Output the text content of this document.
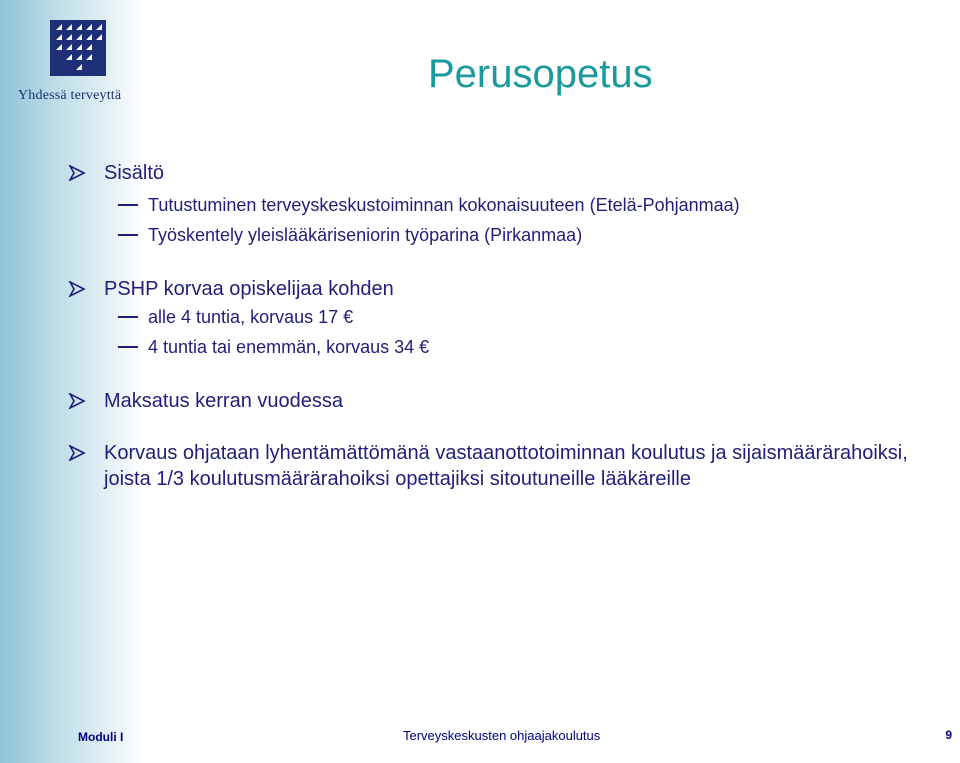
Yhdessä terveyttä	Perusopetus
Sisältö
Tutustuminen terveyskeskustoiminnan kokonaisuuteen (Etelä-Pohjanmaa)
Työskentely yleislääkäriseniorin työparina (Pirkanmaa)
PSHP korvaa opiskelijaa kohden
alle 4 tuntia, korvaus 17 €
4 tuntia tai enemmän, korvaus 34 €
Maksatus kerran vuodessa
Korvaus ohjataan lyhentämättömänä vastaanottotoiminnan koulutus ja sijaismäärärahoiksi, joista 1/3 koulutusmäärärahoiksi opettajiksi sitoutuneille lääkäreille
Moduli I	Terveyskeskusten ohjaajakoulutus	9
